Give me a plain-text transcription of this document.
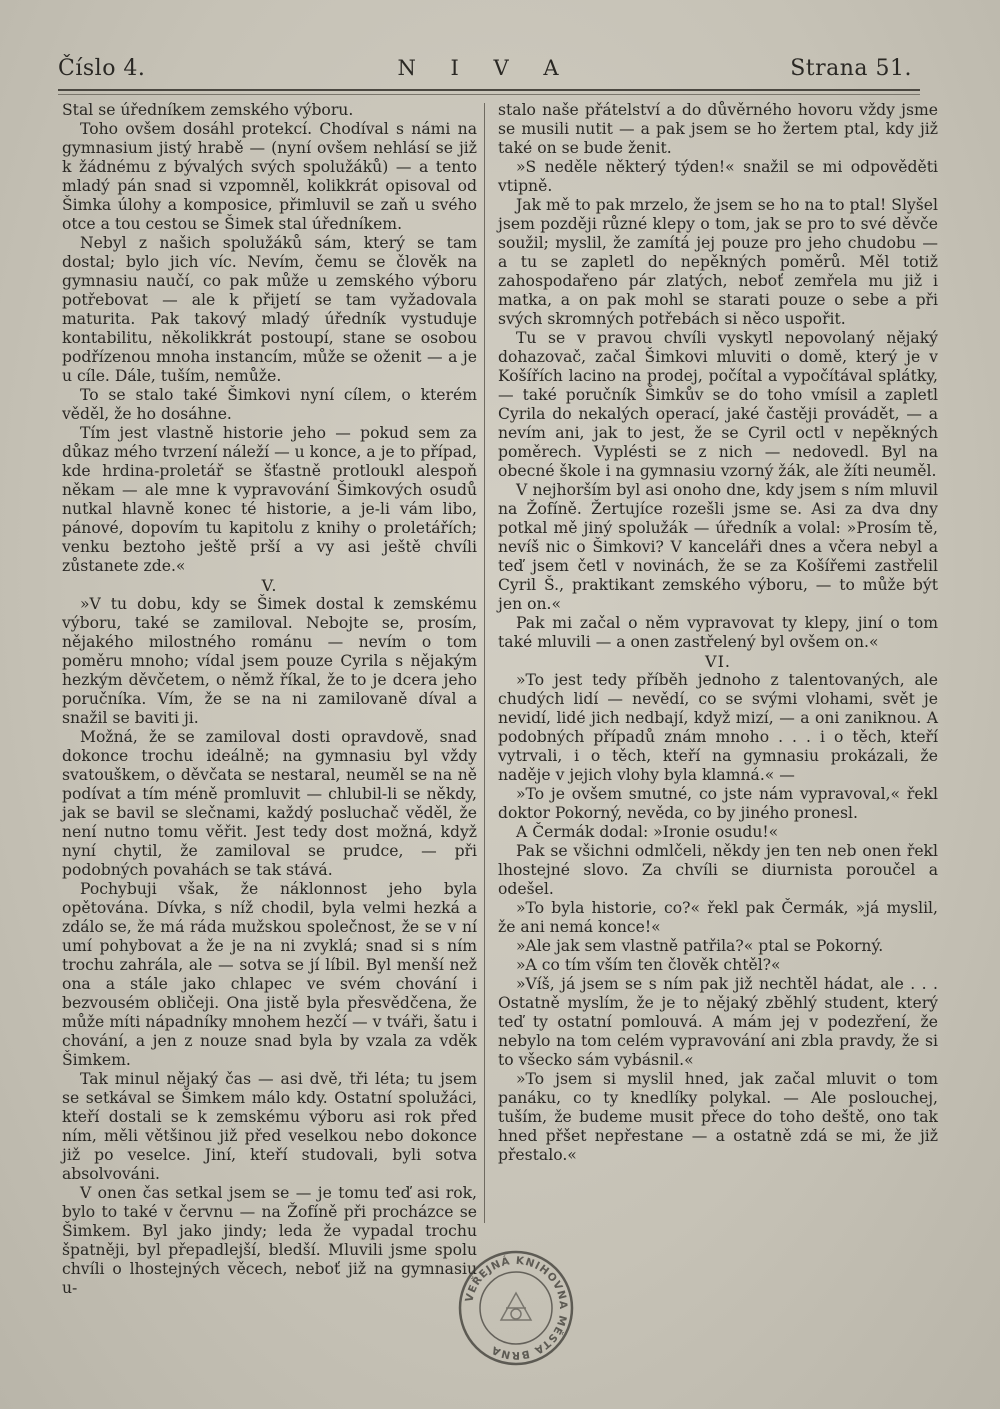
Číslo 4.	N I V A	Strana 51.

Stal se úředníkem zemského výboru.

Toho ovšem dosáhl protekcí. Chodíval s námi na gymnasium jistý hrabě — (nyní ovšem nehlásí se již k žádnému z bývalých svých spolužáků) — a tento mladý pán snad si vzpomněl, kolikkrát opisoval od Šimka úlohy a komposice, přimluvil se zaň u svého otce a tou cestou se Šimek stal úředníkem.

Nebyl z našich spolužáků sám, který se tam dostal; bylo jich víc. Nevím, čemu se člověk na gymnasiu naučí, co pak může u zemského výboru potřebovat — ale k přijetí se tam vyžadovala maturita. Pak takový mladý úředník vystuduje kontabilitu, několikkrát postoupí, stane se osobou podřízenou mnoha instancím, může se oženit — a je u cíle. Dále, tuším, nemůže.

To se stalo také Šimkovi nyní cílem, o kterém věděl, že ho dosáhne.

Tím jest vlastně historie jeho — pokud sem za důkaz mého tvrzení náleží — u konce, a je to případ, kde hrdina-proletář se šťastně protloukl alespoň někam — ale mne k vypravování Šimkových osudů nutkal hlavně konec té historie, a je-li vám libo, pánové, dopovím tu kapitolu z knihy o proletářích; venku beztoho ještě prší a vy asi ještě chvíli zůstanete zde.«

V.

»V tu dobu, kdy se Šimek dostal k zemskému výboru, také se zamiloval. Nebojte se, prosím, nějakého milostného románu — nevím o tom poměru mnoho; vídal jsem pouze Cyrila s nějakým hezkým děvčetem, o němž říkal, že to je dcera jeho poručníka. Vím, že se na ni zamilovaně díval a snažil se baviti ji.

Možná, že se zamiloval dosti opravdově, snad dokonce trochu ideálně; na gymnasiu byl vždy svatouškem, o děvčata se nestaral, neuměl se na ně podívat a tím méně promluvit — chlubil-li se někdy, jak se bavil se slečnami, každý posluchač věděl, že není nutno tomu věřit. Jest tedy dost možná, když nyní chytil, že zamiloval se prudce, — při podobných povahách se tak stává.

Pochybuji však, že náklonnost jeho byla opětována. Dívka, s níž chodil, byla velmi hezká a zdálo se, že má ráda mužskou společnost, že se v ní umí pohybovat a že je na ni zvyklá; snad si s ním trochu zahrála, ale — sotva se jí líbil. Byl menší než ona a stále jako chlapec ve svém chování i bezvousém obličeji. Ona jistě byla přesvědčena, že může míti nápadníky mnohem hezčí — v tváři, šatu i chování, a jen z nouze snad byla by vzala za vděk Šimkem.

Tak minul nějaký čas — asi dvě, tři léta; tu jsem se setkával se Šimkem málo kdy. Ostatní spolužáci, kteří dostali se k zemskému výboru asi rok před ním, měli většinou již před veselkou nebo dokonce již po veselce. Jiní, kteří studovali, byli sotva absolvováni.

V onen čas setkal jsem se — je tomu teď asi rok, bylo to také v červnu — na Žofíně při procházce se Šimkem. Byl jako jindy; leda že vypadal trochu špatněji, byl přepadlejší, bledší. Mluvili jsme spolu chvíli o lhostejných věcech, neboť již na gymnasiu u-

stalo naše přátelství a do důvěrného hovoru vždy jsme se musili nutit — a pak jsem se ho žertem ptal, kdy již také on se bude ženit.

»S neděle některý týden!« snažil se mi odpověděti vtipně.

Jak mě to pak mrzelo, že jsem se ho na to ptal! Slyšel jsem později různé klepy o tom, jak se pro to své děvče soužil; myslil, že zamítá jej pouze pro jeho chudobu — a tu se zapletl do nepěkných poměrů. Měl totiž zahospodařeno pár zlatých, neboť zemřela mu již i matka, a on pak mohl se starati pouze o sebe a při svých skromných potřebách si něco uspořit.

Tu se v pravou chvíli vyskytl nepovolaný nějaký dohazovač, začal Šimkovi mluviti o domě, který je v Košířích lacino na prodej, počítal a vypočítával splátky, — také poručník Šimkův se do toho vmísil a zapletl Cyrila do nekalých operací, jaké častěji provádět, — a nevím ani, jak to jest, že se Cyril octl v nepěkných poměrech. Vyplésti se z nich — nedovedl. Byl na obecné škole i na gymnasiu vzorný žák, ale žíti neuměl.

V nejhorším byl asi onoho dne, kdy jsem s ním mluvil na Žofíně. Žertujíce rozešli jsme se. Asi za dva dny potkal mě jiný spolužák — úředník a volal: »Prosím tě, nevíš nic o Šimkovi? V kanceláři dnes a včera nebyl a teď jsem četl v novinách, že se za Košířemi zastřelil Cyril Š., praktikant zemského výboru, — to může být jen on.«

Pak mi začal o něm vypravovat ty klepy, jiní o tom také mluvili — a onen zastřelený byl ovšem on.«

VI.

»To jest tedy příběh jednoho z talentovaných, ale chudých lidí — nevědí, co se svými vlohami, svět je nevidí, lidé jich nedbají, když mizí, — a oni zaniknou. A podobných případů znám mnoho . . . i o těch, kteří vytrvali, i o těch, kteří na gymnasiu prokázali, že naděje v jejich vlohy byla klamná.« —

»To je ovšem smutné, co jste nám vypravoval,« řekl doktor Pokorný, nevěda, co by jiného pronesl.

A Čermák dodal: »Ironie osudu!«

Pak se všichni odmlčeli, někdy jen ten neb onen řekl lhostejné slovo. Za chvíli se diurnista poroučel a odešel.

»To byla historie, co?« řekl pak Čermák, »já myslil, že ani nemá konce!«

»Ale jak sem vlastně patřila?« ptal se Pokorný.

»A co tím vším ten člověk chtěl?«

»Víš, já jsem se s ním pak již nechtěl hádat, ale . . . Ostatně myslím, že je to nějaký zběhlý student, který teď ty ostatní pomlouvá. A mám jej v podezření, že nebylo na tom celém vypravování ani zbla pravdy, že si to všecko sám vybásnil.«

»To jsem si myslil hned, jak začal mluvit o tom panáku, co ty knedlíky polykal. — Ale poslouchej, tuším, že budeme musit přece do toho deště, ono tak hned přšet nepřestane — a ostatně zdá se mi, že již přestalo.«

VEŘEJNÁ KNIHOVNA MĚSTA BRNA
